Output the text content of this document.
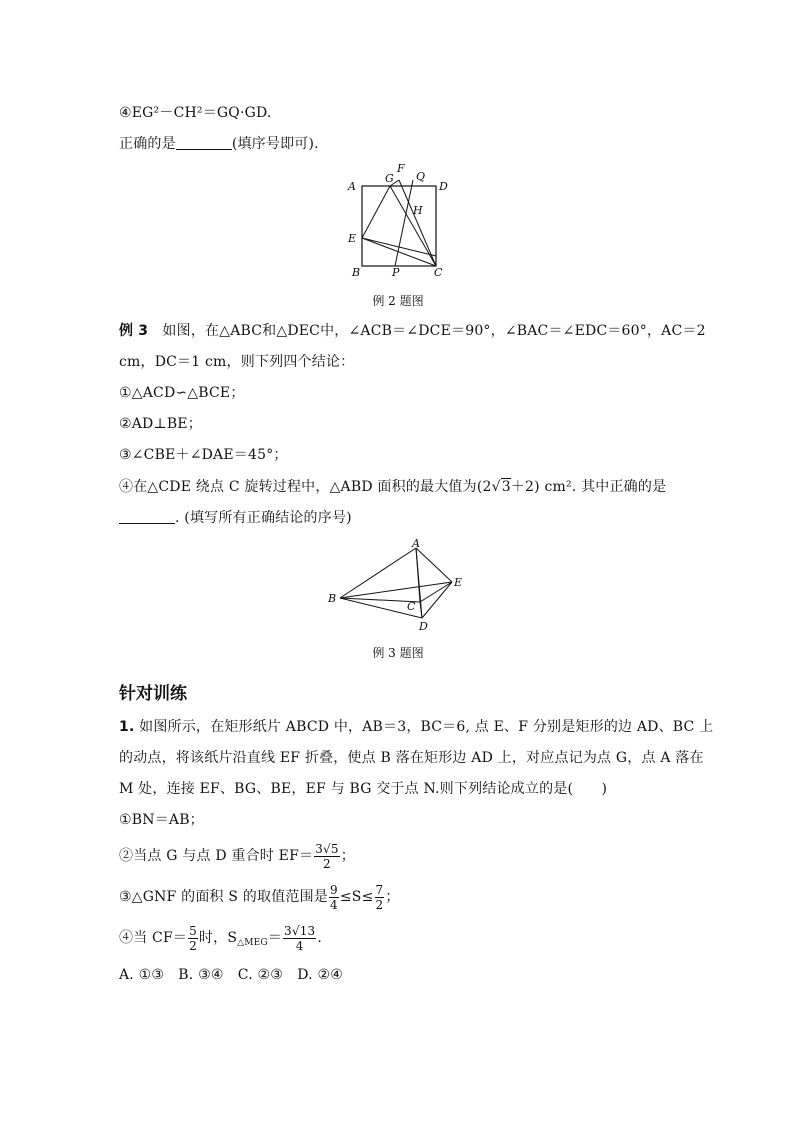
④EG²－CH²＝GQ·GD.
正确的是	(填序号即可).
A
G
F
Q
D
H
E
B	P	C
例 2 题图
例 3　 如图，在△ABC和△DEC中，∠ACB＝∠DCE＝90°，∠BAC＝∠EDC＝60°，AC＝2
cm，DC＝1 cm，则下列四个结论：
①△ACD∽△BCE；
②AD⊥BE；
③∠CBE＋∠DAE＝45°；
④在△CDE 绕点 C 旋转过程中，△ABD 面积的最大值为(2√3＋2) cm². 其中正确的是
. (填写所有正确结论的序号)
A
E
B
C
D
例 3 题图
针对训练
1. 如图所示，在矩形纸片 ABCD 中，AB＝3，BC＝6, 点 E、F 分别是矩形的边 AD、BC 上
的动点，将该纸片沿直线 EF 折叠，使点 B 落在矩形边 AD 上，对应点记为点 G，点 A 落在
M 处，连接 EF、BG、BE，EF 与 BG 交于点 N.则下列结论成立的是(　　)
①BN＝AB；
②当点 G 与点 D 重合时 $EF= \frac{3√5}{2}$ ；
③△GNF 的面积 S 的取值范围是 $\frac{9}{4} \le S\le \frac{7}{2}$ ；
④当 $CF= \frac{5}{2}$ 时，$S_{\triangle MEG}= \frac{3√13}{4}$ .
A. ①③　B. ③④　C. ②③　D. ②④
